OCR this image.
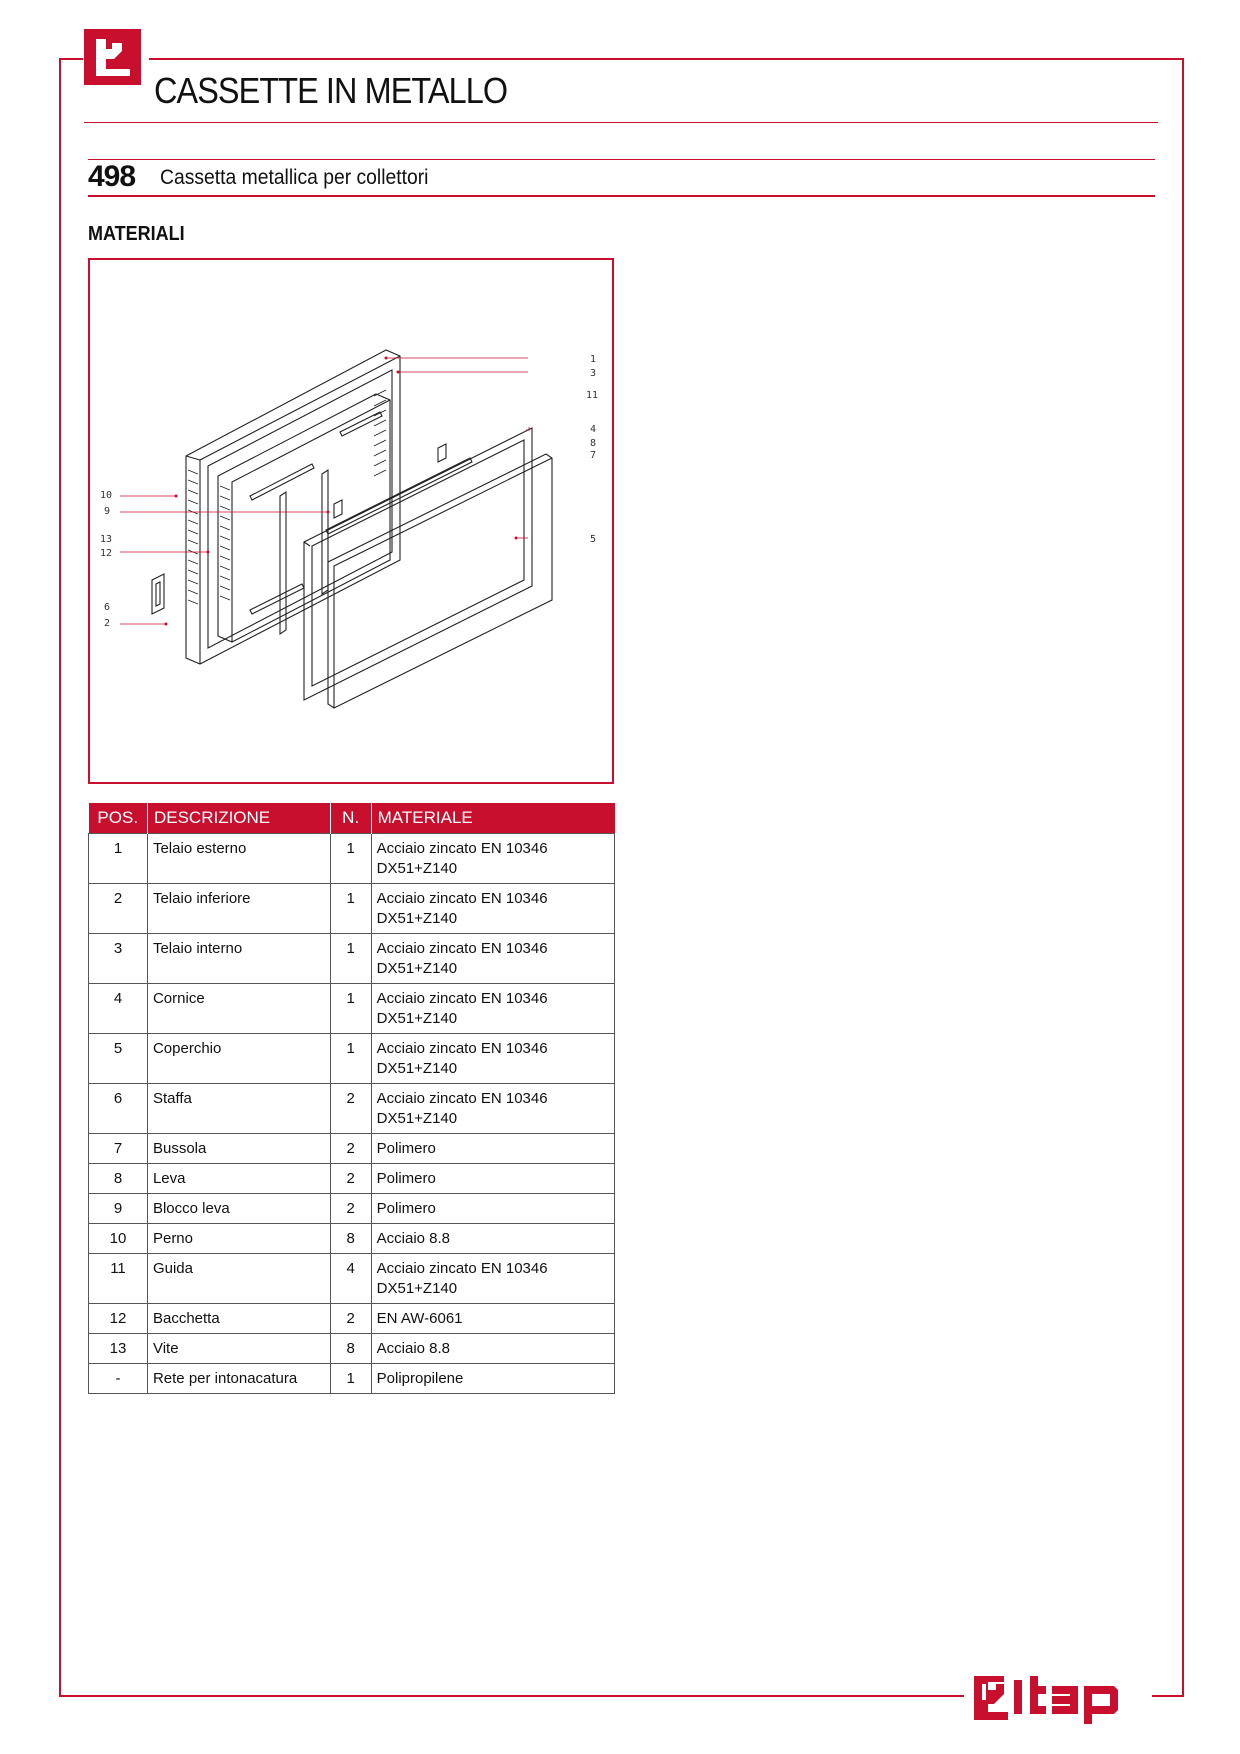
CASSETTE IN METALLO
498 Cassetta metallica per collettori
MATERIALI
1
3
11
4
8
7
10
9
13
12
5
6
2
POS.	DESCRIZIONE	N.	MATERIALE
1	Telaio esterno	1	Acciaio zincato EN 10346
DX51+Z140
2	Telaio inferiore	1	Acciaio zincato EN 10346
DX51+Z140
3	Telaio interno	1	Acciaio zincato EN 10346
DX51+Z140
4	Cornice	1	Acciaio zincato EN 10346
DX51+Z140
5	Coperchio	1	Acciaio zincato EN 10346
DX51+Z140
6	Staffa	2	Acciaio zincato EN 10346
DX51+Z140
7	Bussola	2	Polimero
8	Leva	2	Polimero
9	Blocco leva	2	Polimero
10	Perno	8	Acciaio 8.8
11	Guida	4	Acciaio zincato EN 10346
DX51+Z140
12	Bacchetta	2	EN AW-6061
13	Vite	8	Acciaio 8.8
-	Rete per intonacatura	1	Polipropilene
